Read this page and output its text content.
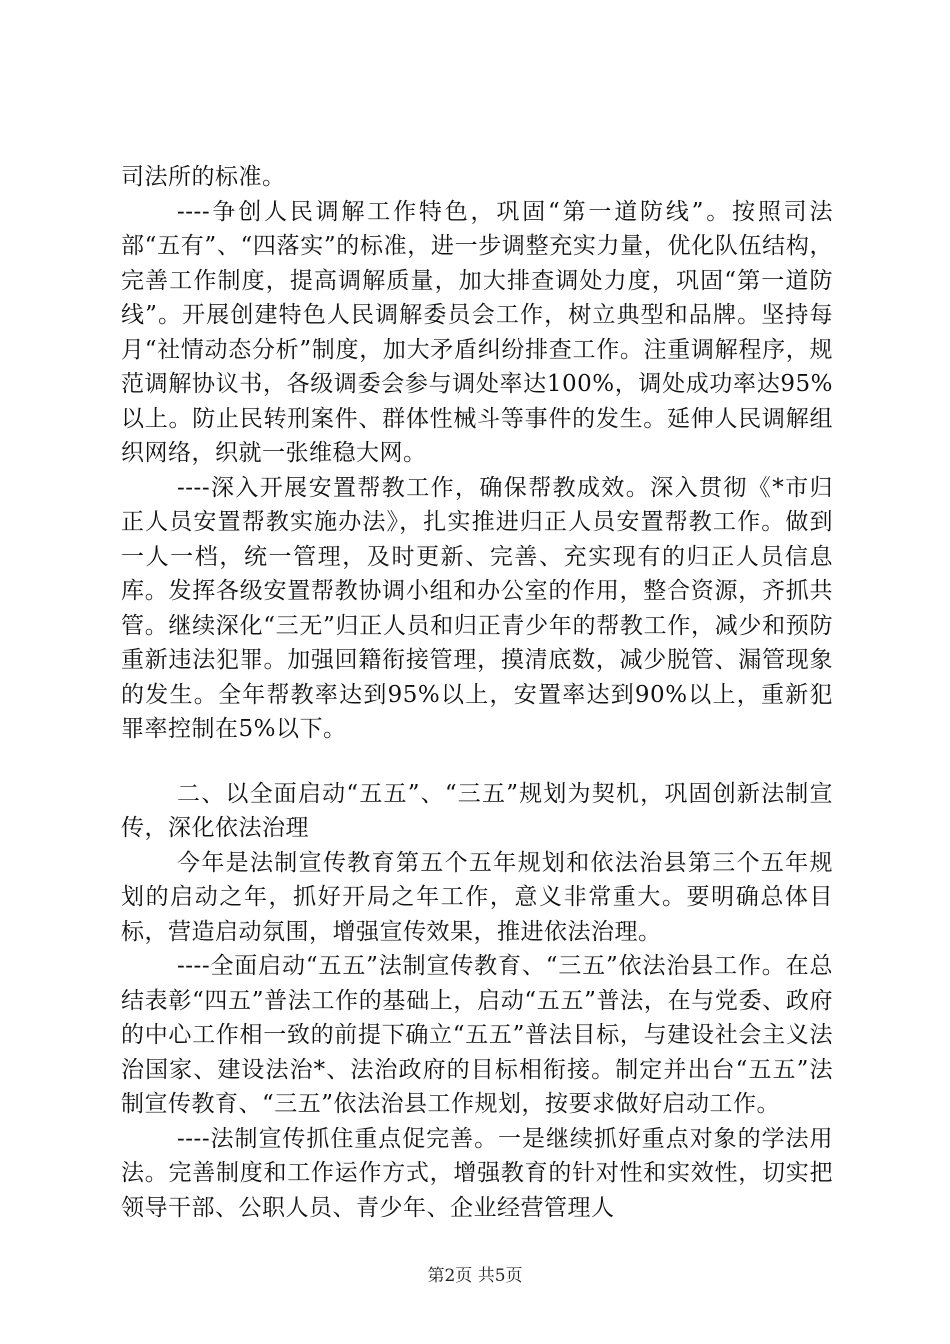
司法所的标准。

----争创人民调解工作特色，巩固“第一道防线”。按照司法部“五有”、“四落实”的标准，进一步调整充实力量，优化队伍结构，完善工作制度，提高调解质量，加大排查调处力度，巩固“第一道防线”。开展创建特色人民调解委员会工作，树立典型和品牌。坚持每月“社情动态分析”制度，加大矛盾纠纷排查工作。注重调解程序，规范调解协议书，各级调委会参与调处率达100%，调处成功率达95%以上。防止民转刑案件、群体性械斗等事件的发生。延伸人民调解组织网络，织就一张维稳大网。

----深入开展安置帮教工作，确保帮教成效。深入贯彻《*市归正人员安置帮教实施办法》，扎实推进归正人员安置帮教工作。做到一人一档，统一管理，及时更新、完善、充实现有的归正人员信息库。发挥各级安置帮教协调小组和办公室的作用，整合资源，齐抓共管。继续深化“三无”归正人员和归正青少年的帮教工作，减少和预防重新违法犯罪。加强回籍衔接管理，摸清底数，减少脱管、漏管现象的发生。全年帮教率达到95%以上，安置率达到90%以上，重新犯罪率控制在5%以下。

二、以全面启动“五五”、“三五”规划为契机，巩固创新法制宣传，深化依法治理

今年是法制宣传教育第五个五年规划和依法治县第三个五年规划的启动之年，抓好开局之年工作，意义非常重大。要明确总体目标，营造启动氛围，增强宣传效果，推进依法治理。

----全面启动“五五”法制宣传教育、“三五”依法治县工作。在总结表彰“四五”普法工作的基础上，启动“五五”普法，在与党委、政府的中心工作相一致的前提下确立“五五”普法目标，与建设社会主义法治国家、建设法治*、法治政府的目标相衔接。制定并出台“五五”法制宣传教育、“三五”依法治县工作规划，按要求做好启动工作。

----法制宣传抓住重点促完善。一是继续抓好重点对象的学法用法。完善制度和工作运作方式，增强教育的针对性和实效性，切实把领导干部、公职人员、青少年、企业经营管理人

第2页 共5页
